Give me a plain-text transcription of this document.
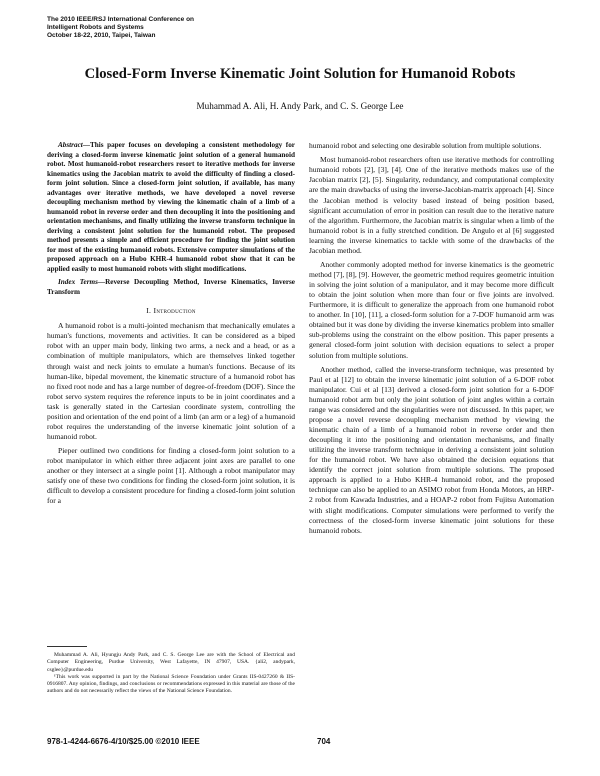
The 2010 IEEE/RSJ International Conference on
Intelligent Robots and Systems
October 18-22, 2010, Taipei, Taiwan
Closed-Form Inverse Kinematic Joint Solution for Humanoid Robots
Muhammad A. Ali, H. Andy Park, and C. S. George Lee

Abstract—This paper focuses on developing a consistent methodology for deriving a closed-form inverse kinematic joint solution of a general humanoid robot. Most humanoid-robot researchers resort to iterative methods for inverse kinematics using the Jacobian matrix to avoid the difficulty of finding a closed-form joint solution. Since a closed-form joint solution, if available, has many advantages over iterative methods, we have developed a novel reverse decoupling mechanism method by viewing the kinematic chain of a limb of a humanoid robot in reverse order and then decoupling it into the positioning and orientation mechanisms, and finally utilizing the inverse transform technique in deriving a consistent joint solution for the humanoid robot. The proposed method presents a simple and efficient procedure for finding the joint solution for most of the existing humanoid robots. Extensive computer simulations of the proposed approach on a Hubo KHR-4 humanoid robot show that it can be applied easily to most humanoid robots with slight modifications.

Index Terms—Reverse Decoupling Method, Inverse Kinematics, Inverse Transform

I. Introduction

A humanoid robot is a multi-jointed mechanism that mechanically emulates a human's functions, movements and activities. It can be considered as a biped robot with an upper main body, linking two arms, a neck and a head, or as a combination of multiple manipulators, which are themselves linked together through waist and neck joints to emulate a human's functions. Because of its human-like, bipedal movement, the kinematic structure of a humanoid robot has no fixed root node and has a large number of degree-of-freedom (DOF). Since the robot servo system requires the reference inputs to be in joint coordinates and a task is generally stated in the Cartesian coordinate system, controlling the position and orientation of the end point of a limb (an arm or a leg) of a humanoid robot requires the understanding of the inverse kinematic joint solution of a humanoid robot.

Pieper outlined two conditions for finding a closed-form joint solution to a robot manipulator in which either three adjacent joint axes are parallel to one another or they intersect at a single point [1]. Although a robot manipulator may satisfy one of these two conditions for finding the closed-form joint solution, it is difficult to develop a consistent procedure for finding a closed-form joint solution for a

Muhammad A. Ali, Hyungju Andy Park, and C. S. George Lee are with the School of Electrical and Computer Engineering, Purdue University, West Lafayette, IN 47907, USA. {ali2, andypark, csglee}@purdue.edu

¹This work was supported in part by the National Science Foundation under Grants IIS-0427260 & IIS-0916807. Any opinion, findings, and conclusions or recommendations expressed in this material are those of the authors and do not necessarily reflect the views of the National Science Foundation.

humanoid robot and selecting one desirable solution from multiple solutions.

Most humanoid-robot researchers often use iterative methods for controlling humanoid robots [2], [3], [4]. One of the iterative methods makes use of the Jacobian matrix [2], [5]. Singularity, redundancy, and computational complexity are the main drawbacks of using the inverse-Jacobian-matrix approach [4]. Since the Jacobian method is velocity based instead of being position based, significant accumulation of error in position can result due to the iterative nature of the algorithm. Furthermore, the Jacobian matrix is singular when a limb of the humanoid robot is in a fully stretched condition. De Angulo et al [6] suggested learning the inverse kinematics to tackle with some of the drawbacks of the Jacobian method.

Another commonly adopted method for inverse kinematics is the geometric method [7], [8], [9]. However, the geometric method requires geometric intuition in solving the joint solution of a manipulator, and it may become more difficult to obtain the joint solution when more than four or five joints are involved. Furthermore, it is difficult to generalize the approach from one humanoid robot to another. In [10], [11], a closed-form solution for a 7-DOF humanoid arm was obtained but it was done by dividing the inverse kinematics problem into smaller sub-problems using the constraint on the elbow position. This paper presents a general closed-form joint solution with decision equations to select a proper solution from multiple solutions.

Another method, called the inverse-transform technique, was presented by Paul et al [12] to obtain the inverse kinematic joint solution of a 6-DOF robot manipulator. Cui et al [13] derived a closed-form joint solution for a 6-DOF humanoid robot arm but only the joint solution of joint angles within a certain range was considered and the singularities were not discussed. In this paper, we propose a novel reverse decoupling mechanism method by viewing the kinematic chain of a limb of a humanoid robot in reverse order and then decoupling it into the positioning and orientation mechanisms, and finally utilizing the inverse transform technique in deriving a consistent joint solution for the humanoid robot. We have also obtained the decision equations that identify the correct joint solution from multiple solutions. The proposed approach is applied to a Hubo KHR-4 humanoid robot, and the proposed technique can also be applied to an ASIMO robot from Honda Motors, an HRP-2 robot from Kawada Industries, and a HOAP-2 robot from Fujitsu Automation with slight modifications. Computer simulations were performed to verify the correctness of the closed-form inverse kinematic joint solutions for these humanoid robots.

978-1-4244-6676-4/10/$25.00 ©2010 IEEE	704
